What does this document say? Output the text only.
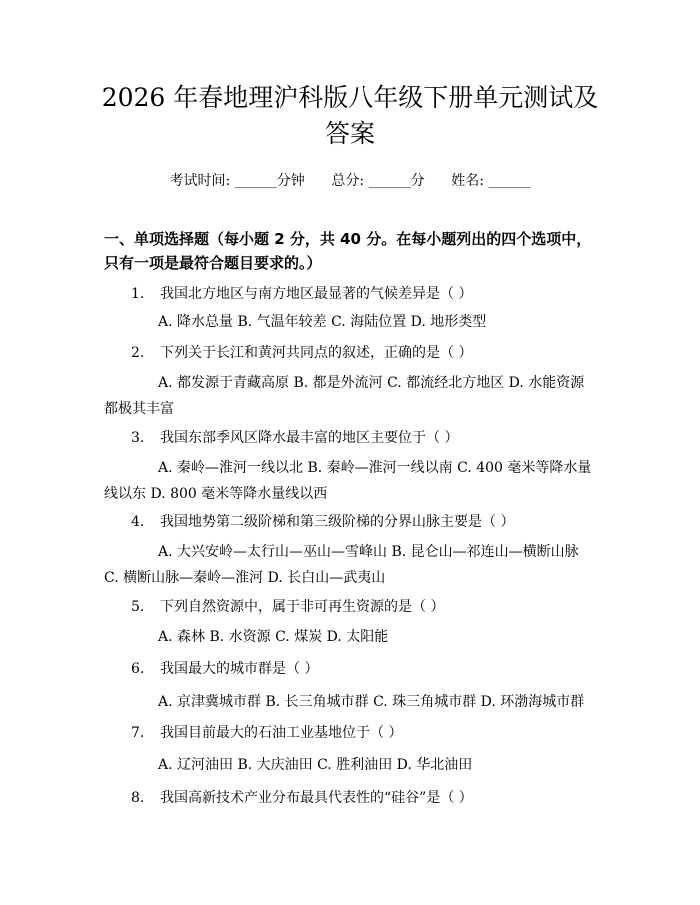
2026 年春地理沪科版八年级下册单元测试及
答案
考试时间: ______分钟      总分: ______分      姓名: ______
一、单项选择题（每小题 2 分，共 40 分。在每小题列出的四个选项中，只有一项是最符合题目要求的。）
1. 我国北方地区与南方地区最显著的气候差异是（ ）
A. 降水总量 B. 气温年较差 C. 海陆位置 D. 地形类型
2. 下列关于长江和黄河共同点的叙述，正确的是（ ）
A. 都发源于青藏高原 B. 都是外流河 C. 都流经北方地区 D. 水能资源都极其丰富
3. 我国东部季风区降水最丰富的地区主要位于（ ）
A. 秦岭—淮河一线以北 B. 秦岭—淮河一线以南 C. 400 毫米等降水量线以东 D. 800 毫米等降水量线以西
4. 我国地势第二级阶梯和第三级阶梯的分界山脉主要是（ ）
A. 大兴安岭—太行山—巫山—雪峰山 B. 昆仑山—祁连山—横断山脉 C. 横断山脉—秦岭—淮河 D. 长白山—武夷山
5. 下列自然资源中，属于非可再生资源的是（ ）
A. 森林 B. 水资源 C. 煤炭 D. 太阳能
6. 我国最大的城市群是（ ）
A. 京津冀城市群 B. 长三角城市群 C. 珠三角城市群 D. 环渤海城市群
7. 我国目前最大的石油工业基地位于（ ）
A. 辽河油田 B. 大庆油田 C. 胜利油田 D. 华北油田
8. 我国高新技术产业分布最具代表性的“硅谷”是（ ）
